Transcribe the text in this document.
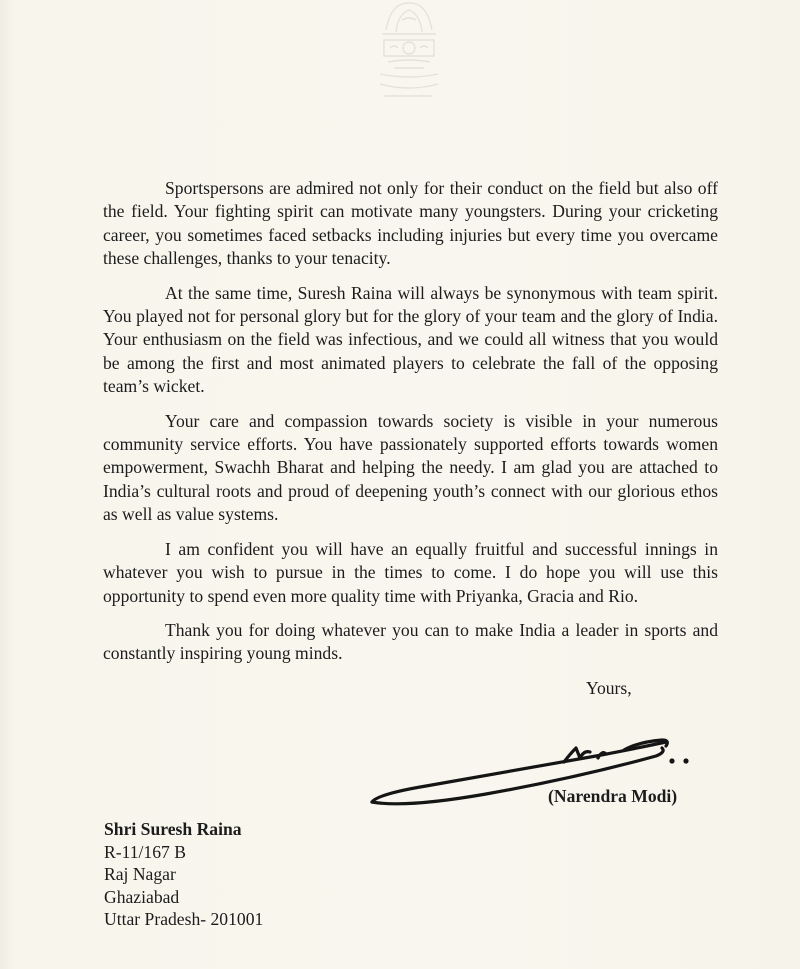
Sportspersons are admired not only for their conduct on the field but also off the field. Your fighting spirit can motivate many youngsters. During your cricketing career, you sometimes faced setbacks including injuries but every time you overcame these challenges, thanks to your tenacity.

At the same time, Suresh Raina will always be synonymous with team spirit. You played not for personal glory but for the glory of your team and the glory of India. Your enthusiasm on the field was infectious, and we could all witness that you would be among the first and most animated players to celebrate the fall of the opposing team’s wicket.

Your care and compassion towards society is visible in your numerous community service efforts. You have passionately supported efforts towards women empowerment, Swachh Bharat and helping the needy. I am glad you are attached to India’s cultural roots and proud of deepening youth’s connect with our glorious ethos as well as value systems.

I am confident you will have an equally fruitful and successful innings in whatever you wish to pursue in the times to come. I do hope you will use this opportunity to spend even more quality time with Priyanka, Gracia and Rio.

Thank you for doing whatever you can to make India a leader in sports and constantly inspiring young minds.

Yours,
(Narendra Modi)
Shri Suresh Raina
R-11/167 B
Raj Nagar
Ghaziabad
Uttar Pradesh- 201001
